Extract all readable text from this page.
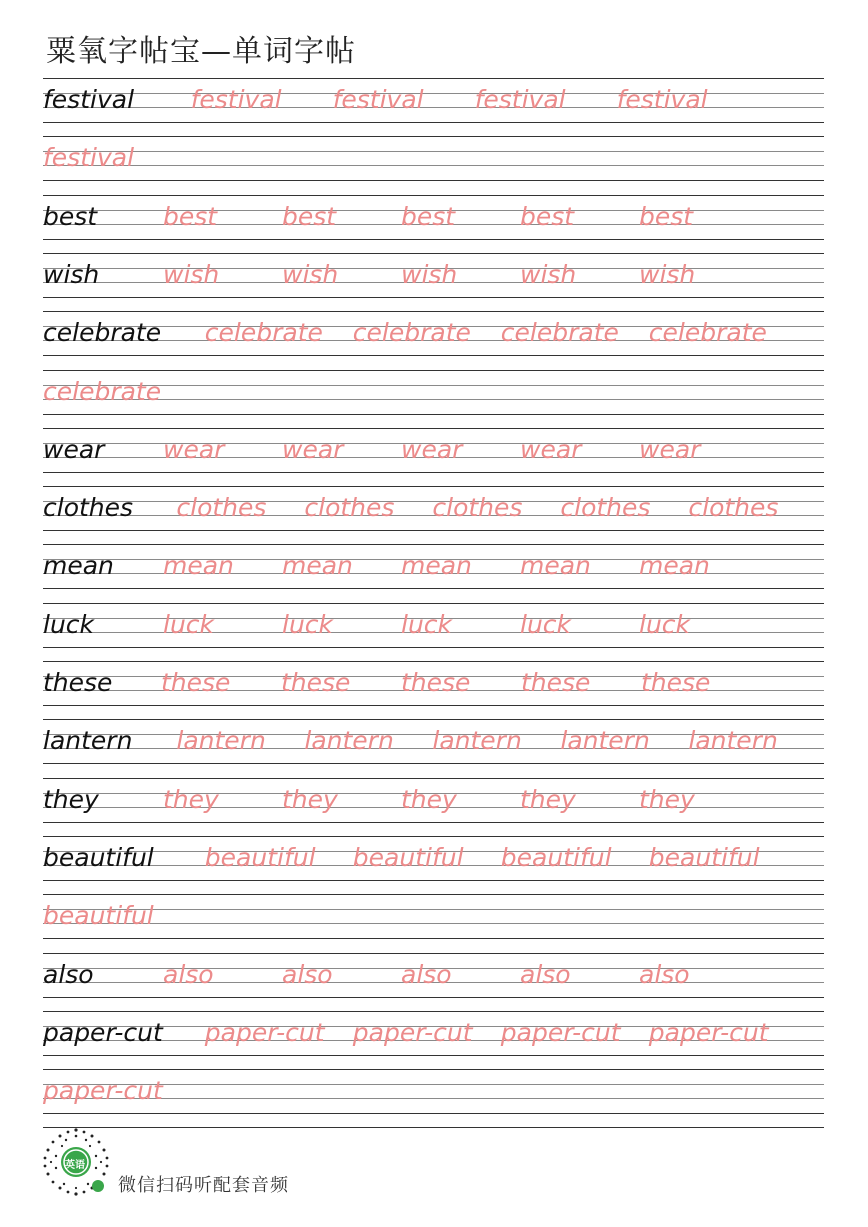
粟氧字帖宝—单词字帖
festival festival festival festival festival
festival
best	best	best	best	best	best
wish	wish	wish	wish	wish	wish
celebrate celebrate celebrate celebrate celebrate
celebrate
wear wear wear wear wear wear
clothes clothes clothes clothes clothes clothes
mean mean mean mean mean mean
luck	luck	luck	luck	luck	luck
these these these these these these
lantern lantern lantern lantern lantern lantern
they	they	they	they	they	they
beautiful beautiful beautiful beautiful beautiful
beautiful
also	also	also	also	also	also
paper-cut paper-cut paper-cut paper-cut paper-cut
paper-cut
英语
微信扫码听配套音频
